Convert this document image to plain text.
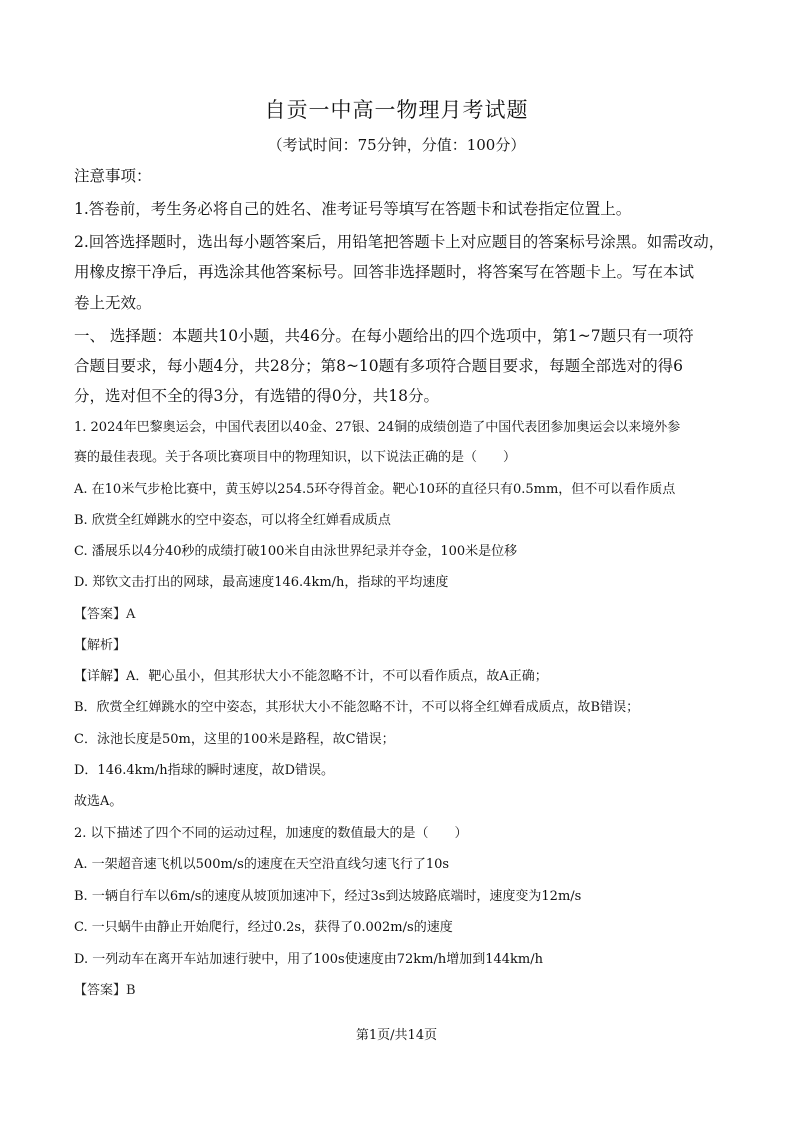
自贡一中高一物理月考试题
（考试时间：75分钟，分值：100分）
注意事项：
1.答卷前，考生务必将自己的姓名、准考证号等填写在答题卡和试卷指定位置上。
2.回答选择题时，选出每小题答案后，用铅笔把答题卡上对应题目的答案标号涂黑。如需改动，
用橡皮擦干净后，再选涂其他答案标号。回答非选择题时，将答案写在答题卡上。写在本试
卷上无效。
一、 选择题：本题共10小题，共46分。在每小题给出的四个选项中，第1~7题只有一项符
合题目要求，每小题4分，共28分；第8~10题有多项符合题目要求，每题全部选对的得6
分，选对但不全的得3分，有选错的得0分，共18分。
1. 2024年巴黎奥运会，中国代表团以40金、27银、24铜的成绩创造了中国代表团参加奥运会以来境外参
赛的最佳表现。关于各项比赛项目中的物理知识，以下说法正确的是（　　）
A. 在10米气步枪比赛中，黄玉婷以254.5环夺得首金。靶心10环的直径只有0.5mm，但不可以看作质点
B. 欣赏全红婵跳水的空中姿态，可以将全红婵看成质点
C. 潘展乐以4分40秒的成绩打破100米自由泳世界纪录并夺金，100米是位移
D. 郑钦文击打出的网球，最高速度146.4km/h，指球的平均速度
【答案】A
【解析】
【详解】A．靶心虽小，但其形状大小不能忽略不计，不可以看作质点，故A正确；
B．欣赏全红婵跳水的空中姿态，其形状大小不能忽略不计，不可以将全红婵看成质点，故B错误；
C．泳池长度是50m，这里的100米是路程，故C错误；
D．146.4km/h指球的瞬时速度，故D错误。
故选A。
2. 以下描述了四个不同的运动过程，加速度的数值最大的是（　　）
A. 一架超音速飞机以500m/s的速度在天空沿直线匀速飞行了10s
B. 一辆自行车以6m/s的速度从坡顶加速冲下，经过3s到达坡路底端时，速度变为12m/s
C. 一只蜗牛由静止开始爬行，经过0.2s，获得了0.002m/s的速度
D. 一列动车在离开车站加速行驶中，用了100s使速度由72km/h增加到144km/h
【答案】B
第1页/共14页
